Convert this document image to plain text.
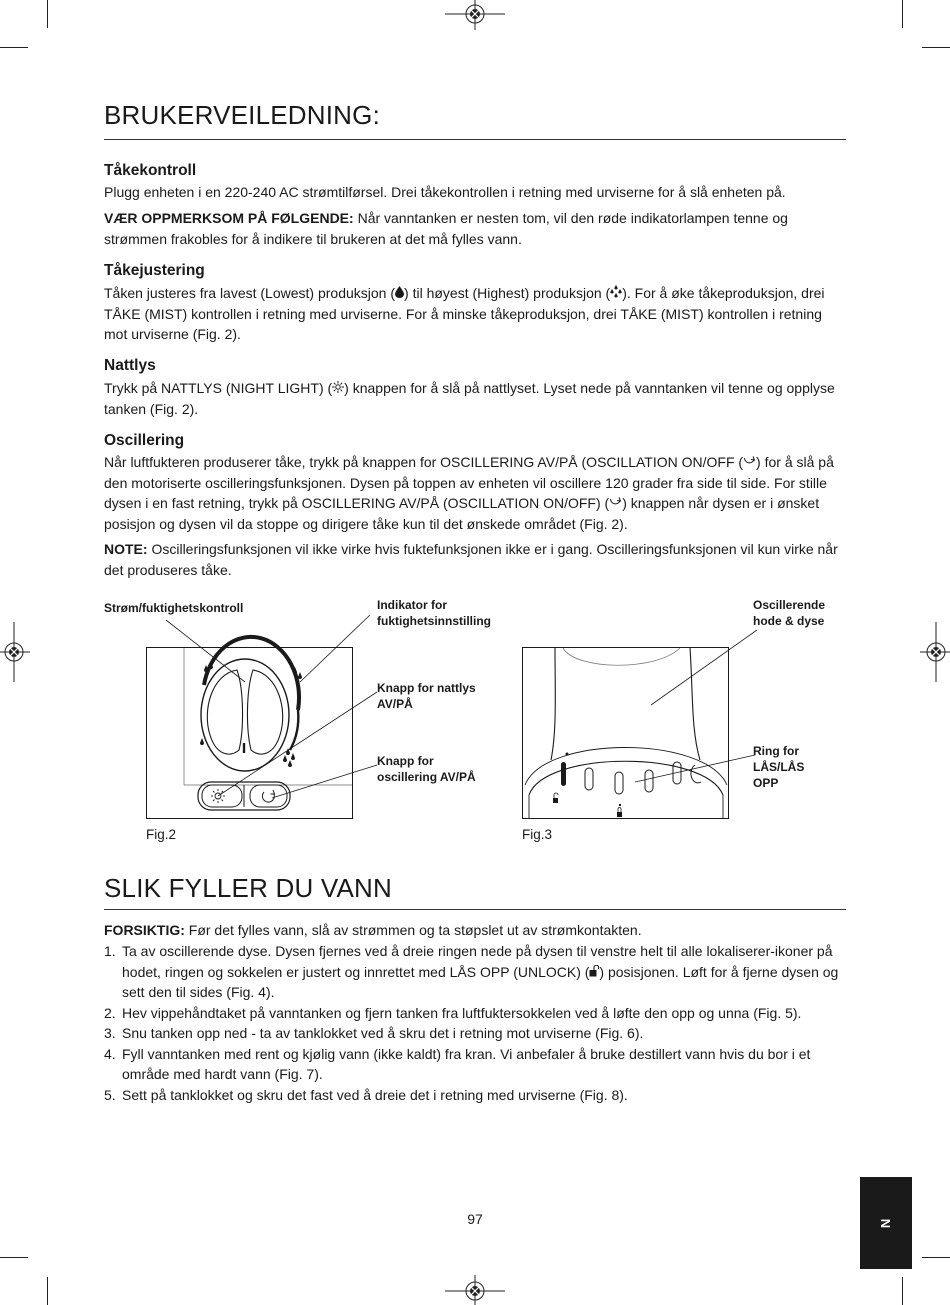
BRUKERVEILEDNING:
Tåkekontroll

Plugg enheten i en 220-240 AC strømtilførsel. Drei tåkekontrollen i retning med urviserne for å slå enheten på.

VÆR OPPMERKSOM PÅ FØLGENDE: Når vanntanken er nesten tom, vil den røde indikatorlampen tenne og strømmen frakobles for å indikere til brukeren at det må fylles vann.

Tåkejustering

Tåken justeres fra lavest (Lowest) produksjon ( ) til høyest (Highest) produksjon ( ). For å øke tåkeproduksjon, drei TÅKE (MIST) kontrollen i retning med urviserne. For å minske tåkeproduksjon, drei TÅKE (MIST) kontrollen i retning mot urviserne (Fig. 2).

Nattlys

Trykk på NATTLYS (NIGHT LIGHT) ( ) knappen for å slå på nattlyset. Lyset nede på vanntanken vil tenne og opplyse tanken (Fig. 2).

Oscillering

Når luftfukteren produserer tåke, trykk på knappen for OSCILLERING AV/PÅ (OSCILLATION ON/OFF ( ) for å slå på den motoriserte oscilleringsfunksjonen. Dysen på toppen av enheten vil oscillere 120 grader fra side til side. For stille dysen i en fast retning, trykk på OSCILLERING AV/PÅ (OSCILLATION ON/OFF) ( ) knappen når dysen er i ønsket posisjon og dysen vil da stoppe og dirigere tåke kun til det ønskede området (Fig. 2).

NOTE: Oscilleringsfunksjonen vil ikke virke hvis fuktefunksjonen ikke er i gang. Oscilleringsfunksjonen vil kun virke når det produseres tåke.

Strøm/fuktighetskontroll	Indikator for
fuktighetsinnstilling
Knapp for nattlys
AV/PÅ
Knapp for
oscillering AV/PÅ
Fig.2
Oscillerende
hode & dyse
Ring for
LÅS/LÅS
OPP
Fig.3
SLIK FYLLER DU VANN

FORSIKTIG: Før det fylles vann, slå av strømmen og ta støpslet ut av strømkontakten.

1. Ta av oscillerende dyse. Dysen fjernes ved å dreie ringen nede på dysen til venstre helt til alle lokaliserer-ikoner på hodet, ringen og sokkelen er justert og innrettet med LÅS OPP (UNLOCK) ( ) posisjonen. Løft for å fjerne dysen og sett den til sides (Fig. 4).
2. Hev vippehåndtaket på vanntanken og fjern tanken fra luftfuktersokkelen ved å løfte den opp og unna (Fig. 5).
3. Snu tanken opp ned - ta av tanklokket ved å skru det i retning mot urviserne (Fig. 6).
4. Fyll vanntanken med rent og kjølig vann (ikke kaldt) fra kran. Vi anbefaler å bruke destillert vann hvis du bor i et område med hardt vann (Fig. 7).
5. Sett på tanklokket og skru det fast ved å dreie det i retning med urviserne (Fig. 8).
97	N
